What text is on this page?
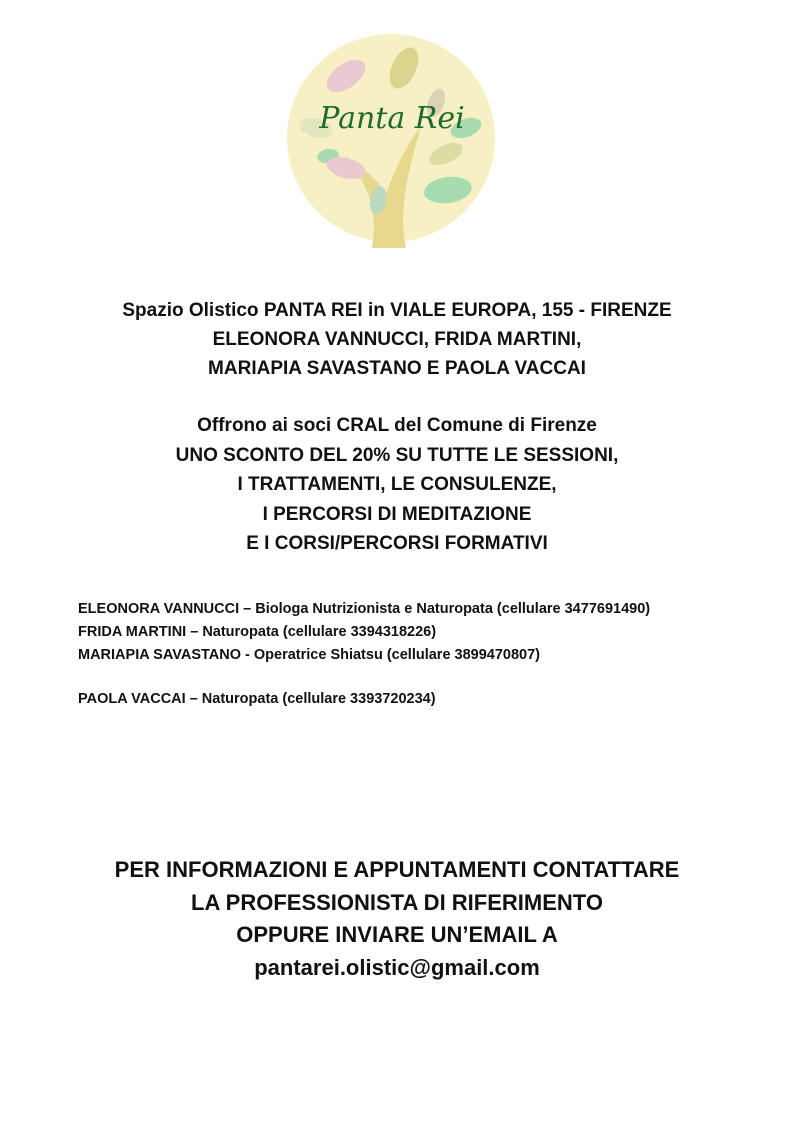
Panta Rei
Spazio Olistico PANTA REI in VIALE EUROPA, 155 - FIRENZE
ELEONORA VANNUCCI, FRIDA MARTINI,
MARIAPIA SAVASTANO E PAOLA VACCAI
Offrono ai soci CRAL del Comune di Firenze
UNO SCONTO DEL 20% SU TUTTE LE SESSIONI,
I TRATTAMENTI, LE CONSULENZE,
I PERCORSI DI MEDITAZIONE
E I CORSI/PERCORSI FORMATIVI
ELEONORA VANNUCCI – Biologa Nutrizionista e Naturopata (cellulare 3477691490)
FRIDA MARTINI – Naturopata (cellulare 3394318226)
MARIAPIA SAVASTANO - Operatrice Shiatsu (cellulare 3899470807)
PAOLA VACCAI – Naturopata (cellulare 3393720234)
PER INFORMAZIONI E APPUNTAMENTI CONTATTARE
LA PROFESSIONISTA DI RIFERIMENTO
OPPURE INVIARE UN’EMAIL A
pantarei.olistic@gmail.com
